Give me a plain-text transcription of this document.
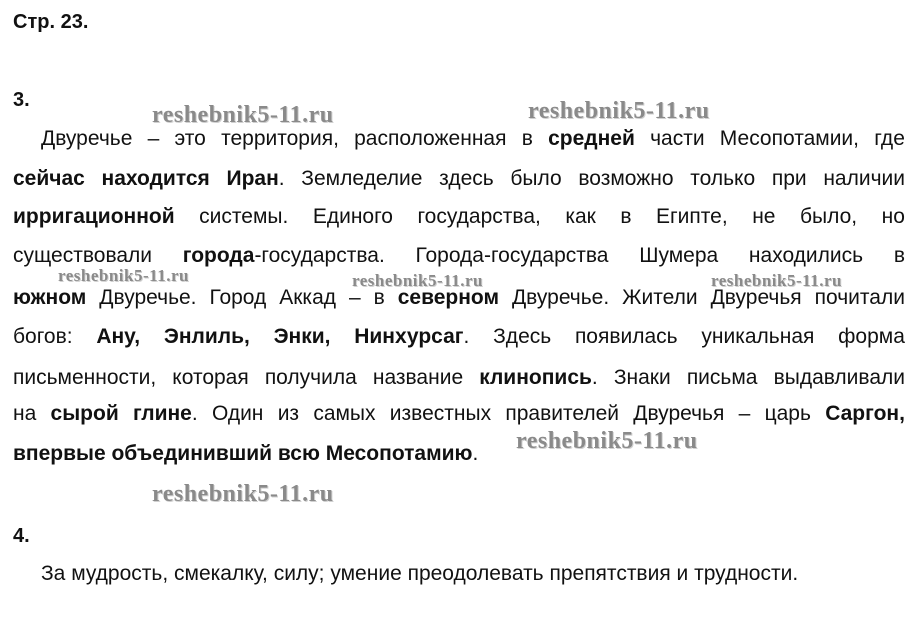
Стр. 23.
3.
Двуречье – это территория, расположенная в средней части Месопотамии, где
сейчас находится Иран. Земледелие здесь было возможно только при наличии
ирригационной системы. Единого государства, как в Египте, не было, но
существовали города-государства. Города-государства Шумера находились в
южном Двуречье. Город Аккад – в северном Двуречье. Жители Двуречья почитали
богов: Ану, Энлиль, Энки, Нинхурсаг. Здесь появилась уникальная форма
письменности, которая получила название клинопись. Знаки письма выдавливали
на сырой глине. Один из самых известных правителей Двуречья – царь Саргон,
впервые объединивший всю Месопотамию.
4.
За мудрость, смекалку, силу; умение преодолевать препятствия и трудности.
reshebnik5-11.ru	reshebnik5-11.ru
reshebnik5-11.ru	reshebnik5-11.ru	reshebnik5-11.ru
reshebnik5-11.ru
reshebnik5-11.ru
